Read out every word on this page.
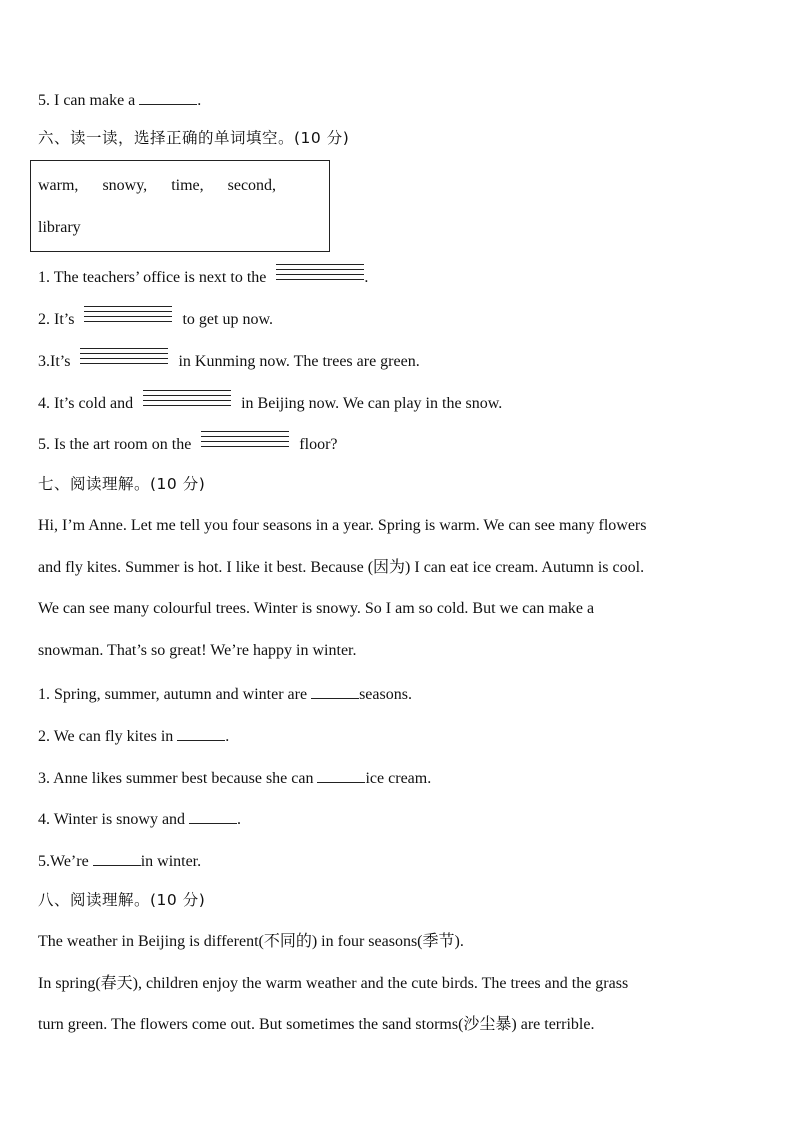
5. I can make a	.
六、读一读，选择正确的单词填空。(10 分)
warm, snowy, time, second,
library
1. The teachers’ office is next to the	.
2. It’s	to get up now.
3.It’s	in Kunming now. The trees are green.
4. It’s cold and	in Beijing now. We can play in the snow.
5. Is the art room on the	floor?
七、阅读理解。(10 分)
Hi, I’m Anne. Let me tell you four seasons in a year. Spring is warm. We can see many flowers
and fly kites. Summer is hot. I like it best. Because (因为) I can eat ice cream. Autumn is cool.
We can see many colourful trees. Winter is snowy. So I am so cold. But we can make a
snowman. That’s so great! We’re happy in winter.
1. Spring, summer, autumn and winter are	seasons.
2. We can fly kites in	.
3. Anne likes summer best because she can	ice cream.
4. Winter is snowy and	.
5.We’re	in winter.
八、阅读理解。(10 分)
The weather in Beijing is different(不同的) in four seasons(季节).
In spring(春天), children enjoy the warm weather and the cute birds. The trees and the grass
turn green. The flowers come out. But sometimes the sand storms(沙尘暴) are terrible.
